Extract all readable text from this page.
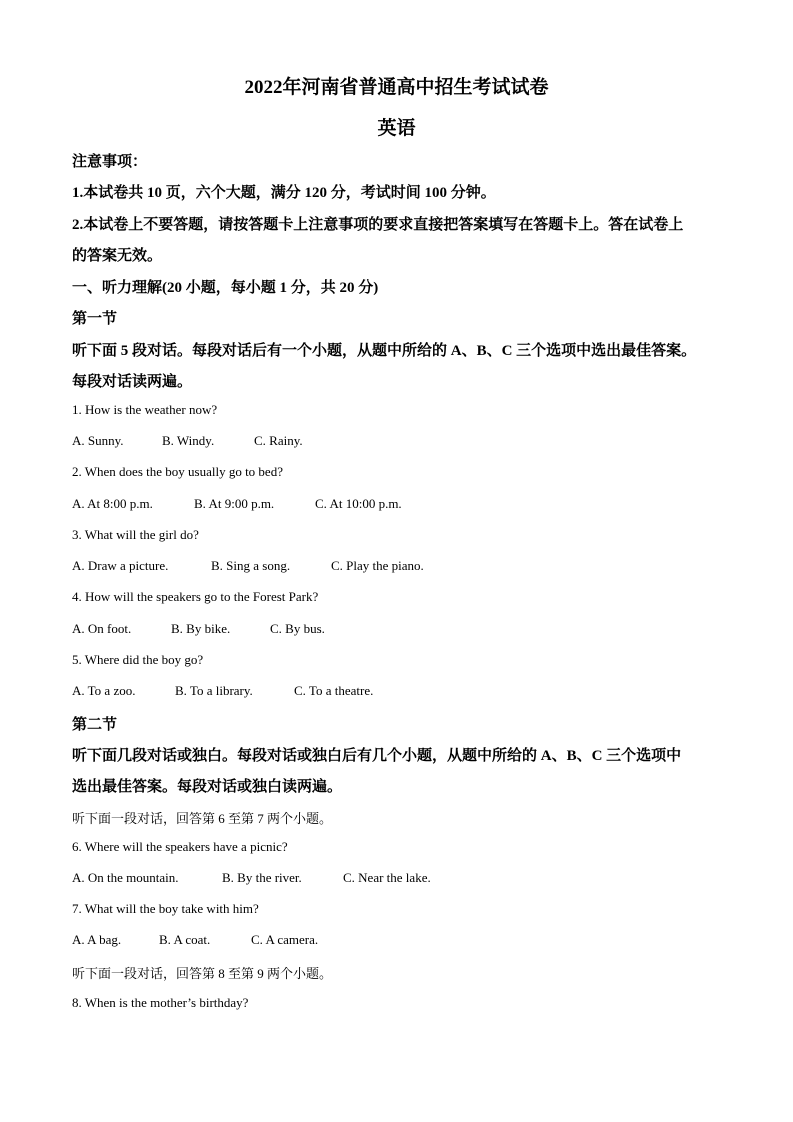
2022年河南省普通高中招生考试试卷
英语
注意事项：
1.本试卷共 10 页，六个大题，满分 120 分，考试时间 100 分钟。
2.本试卷上不要答题，请按答题卡上注意事项的要求直接把答案填写在答题卡上。答在试卷上
的答案无效。
一、听力理解(20 小题，每小题 1 分，共 20 分)
第一节
听下面 5 段对话。每段对话后有一个小题，从题中所给的 A、B、C 三个选项中选出最佳答案。
每段对话读两遍。
1. How is the weather now?
A. Sunny.	B. Windy.	C. Rainy.
2. When does the boy usually go to bed?
A. At 8:00 p.m.	B. At 9:00 p.m.	C. At 10:00 p.m.
3. What will the girl do?
A. Draw a picture.	B. Sing a song.	C. Play the piano.
4. How will the speakers go to the Forest Park?
A. On foot.	B. By bike.	C. By bus.
5. Where did the boy go?
A. To a zoo.	B. To a library.	C. To a theatre.
第二节
听下面几段对话或独白。每段对话或独白后有几个小题，从题中所给的 A、B、C 三个选项中
选出最佳答案。每段对话或独白读两遍。
听下面一段对话，回答第 6 至第 7 两个小题。
6. Where will the speakers have a picnic?
A. On the mountain.	B. By the river.	C. Near the lake.
7. What will the boy take with him?
A. A bag.	B. A coat.	C. A camera.
听下面一段对话，回答第 8 至第 9 两个小题。
8. When is the mother’s birthday?
